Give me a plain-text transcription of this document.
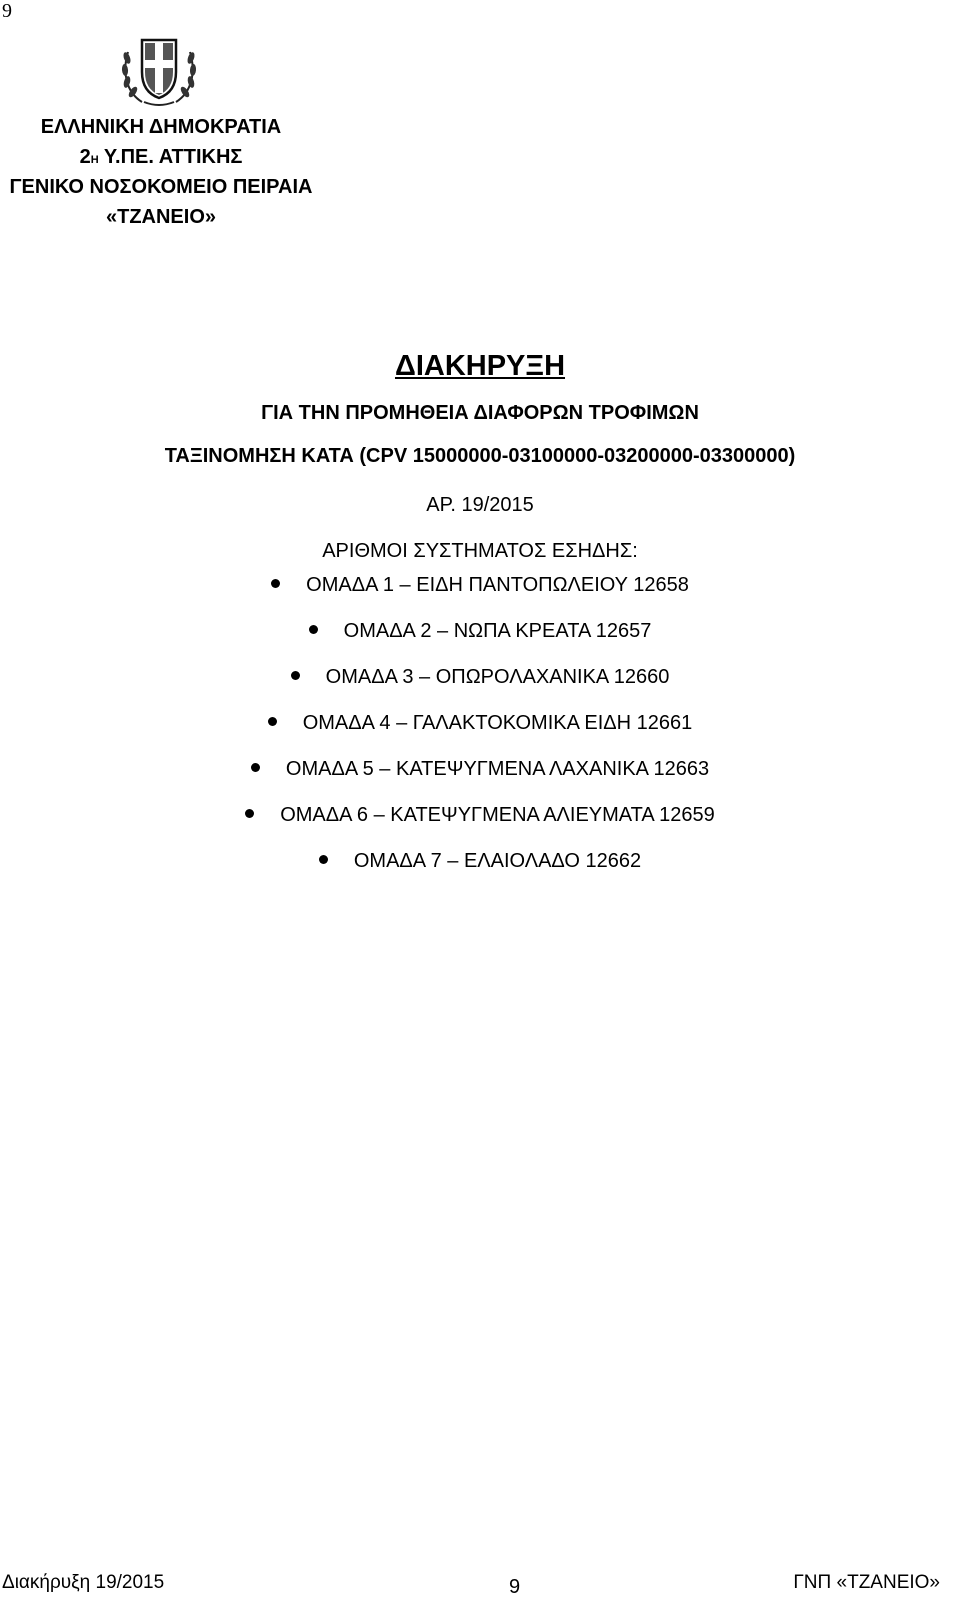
9
ΕΛΛΗΝΙΚΗ ΔΗΜΟΚΡΑΤΙΑ
$2^H$ Υ.ΠΕ. ΑΤΤΙΚΗΣ
ΓΕΝΙΚΟ ΝΟΣΟΚΟΜΕΙΟ ΠΕΙΡΑΙΑ
«ΤΖΑΝΕΙΟ»
ΔΙΑΚΗΡΥΞΗ
ΓΙΑ ΤΗΝ ΠΡΟΜΗΘΕΙΑ ΔΙΑΦΟΡΩΝ ΤΡΟΦΙΜΩΝ
ΤΑΞΙΝΟΜΗΣΗ ΚΑΤΑ (CPV 15000000-03100000-03200000-03300000)
ΑΡ. 19/2015
ΑΡΙΘΜΟΙ ΣΥΣΤΗΜΑΤΟΣ ΕΣΗΔΗΣ:
ΟΜΑΔΑ 1 – ΕΙΔΗ ΠΑΝΤΟΠΩΛΕΙΟΥ 12658
ΟΜΑΔΑ 2 – ΝΩΠΑ ΚΡΕΑΤΑ 12657
ΟΜΑΔΑ 3 – ΟΠΩΡΟΛΑΧΑΝΙΚΑ 12660
ΟΜΑΔΑ 4 – ΓΑΛΑΚΤΟΚΟΜΙΚΑ ΕΙΔΗ 12661
ΟΜΑΔΑ 5 – ΚΑΤΕΨΥΓΜΕΝΑ ΛΑΧΑΝΙΚΑ 12663
ΟΜΑΔΑ 6 – ΚΑΤΕΨΥΓΜΕΝΑ ΑΛΙΕΥΜΑΤΑ 12659
ΟΜΑΔΑ 7 – ΕΛΑΙΟΛΑΔΟ 12662
Διακήρυξη 19/2015	9	ΓΝΠ «ΤΖΑΝΕΙΟ»
